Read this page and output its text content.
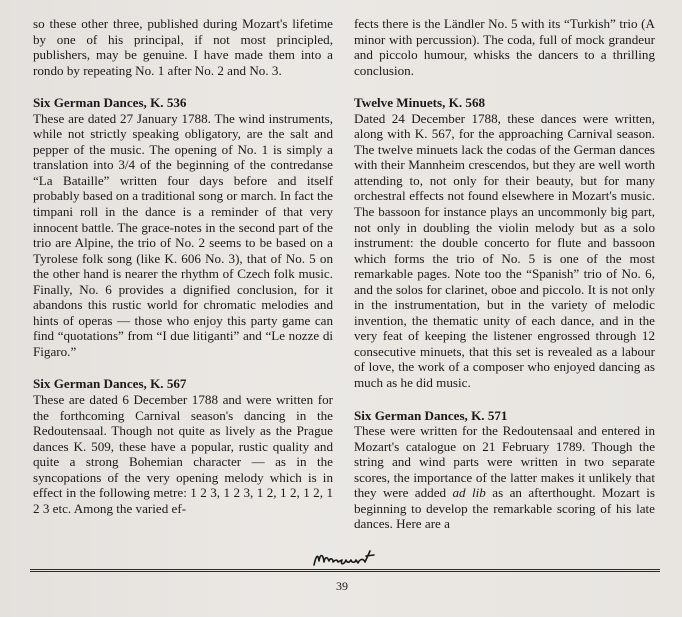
so these other three, published during Mozart's lifetime by one of his principal, if not most principled, publishers, may be genuine. I have made them into a rondo by repeating No. 1 after No. 2 and No. 3.

Six German Dances, K. 536

These are dated 27 January 1788. The wind instruments, while not strictly speaking obligatory, are the salt and pepper of the music. The opening of No. 1 is simply a translation into 3/4 of the beginning of the contredanse “La Bataille” written four days before and itself probably based on a traditional song or march. In fact the timpani roll in the dance is a reminder of that very innocent battle. The grace-notes in the second part of the trio are Alpine, the trio of No. 2 seems to be based on a Tyrolese folk song (like K. 606 No. 3), that of No. 5 on the other hand is nearer the rhythm of Czech folk music. Finally, No. 6 provides a dignified conclusion, for it abandons this rustic world for chromatic melodies and hints of operas — those who enjoy this party game can find “quotations” from “I due litiganti” and “Le nozze di Figaro.”

Six German Dances, K. 567

These are dated 6 December 1788 and were written for the forthcoming Carnival season's dancing in the Redoutensaal. Though not quite as lively as the Prague dances K. 509, these have a popular, rustic quality and quite a strong Bohemian character — as in the syncopations of the very opening melody which is in effect in the following metre: 1 2 3, 1 2 3, 1 2, 1 2, 1 2, 1 2 3 etc. Among the varied ef-

fects there is the Ländler No. 5 with its “Turkish” trio (A minor with percussion). The coda, full of mock grandeur and piccolo humour, whisks the dancers to a thrilling conclusion.

Twelve Minuets, K. 568

Dated 24 December 1788, these dances were written, along with K. 567, for the approaching Carnival season. The twelve minuets lack the codas of the German dances with their Mannheim crescendos, but they are well worth attending to, not only for their beauty, but for many orchestral effects not found elsewhere in Mozart's music. The bassoon for instance plays an uncommonly big part, not only in doubling the violin melody but as a solo instrument: the double concerto for flute and bassoon which forms the trio of No. 5 is one of the most remarkable pages. Note too the “Spanish” trio of No. 6, and the solos for clarinet, oboe and piccolo. It is not only in the instrumentation, but in the variety of melodic invention, the thematic unity of each dance, and in the very feat of keeping the listener engrossed through 12 consecutive minuets, that this set is revealed as a labour of love, the work of a composer who enjoyed dancing as much as he did music.

Six German Dances, K. 571

These were written for the Redoutensaal and entered in Mozart's catalogue on 21 February 1789. Though the string and wind parts were written in two separate scores, the importance of the latter makes it unlikely that they were added ad lib as an afterthought. Mozart is beginning to develop the remarkable scoring of his late dances. Here are a

39
